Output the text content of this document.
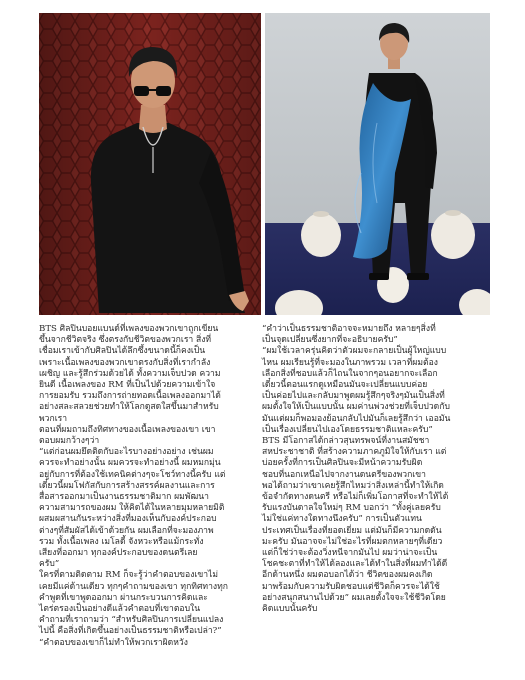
BTS ศิลปินบอยแบนด์ที่เพลงของพวกเขาถูกเขียน
ขึ้นจากชีวิตจริง ซึ่งตรงกับชีวิตของพวกเรา สิ่งที่
เชื่อมเราเข้ากับศิลปินได้ลึกซึ้งขนาดนี้ก็คงเป็น
เพราะเนื้อเพลงของพวกเขาตรงกับสิ่งที่เรากำลัง
เผชิญ และรู้สึกร่วมด้วยได้ ทั้งความเจ็บปวด ความ
ยินดี เนื้อเพลงของ RM ที่เป็นไปด้วยความเข้าใจ
การยอมรับ รวมถึงการถ่ายทอดเนื้อเพลงออกมาได้
อย่างสละสลวยช่วยทำให้โลกดูสดใสขึ้นมาสำหรับ
พวกเรา

ตอนที่ผมถามถึงทิศทางของเนื้อเพลงของเขา เขา
ตอบผมกว้างๆว่า

“แต่ก่อนผมยึดติดกับอะไรบางอย่างอย่าง เช่นผม
ควรจะทำอย่างนั้น ผมควรจะทำอย่างนี้ ผมหมกมุ่น
อยู่กับการที่ต้องใช้เทคนิคต่างๆจะโชว์ทางนี้ครับ แต่
เดี๋ยวนี้ผมโฟกัสกับการสร้างสรรค์ผลงานและการ
สื่อสารออกมาเป็นงานธรรมชาติมาก ผมพัฒนา
ความสามารถของผม ให้คิดได้ในหลายมุมหลายมิติ
ผสมผสานกันระหว่างสิ่งที่มองเห็นกับองค์ประกอบ
ต่างๆที่สัมผัสได้เข้าด้วยกัน ผมเลือกที่จะมองภาพ
รวม ทั้งเนื้อเพลง เมโลดี้ จังหวะหรือแม้กระทั่ง
เสียงที่ออกมา ทุกองค์ประกอบของดนตรีเลย
ครับ”

ใครที่ตามติดตาม RM ก็จะรู้ว่าคำตอบของเขาไม่
เคยมีแค่ด้านเดียว ทุกๆคำถามของเขา ทุกทิศทางทุก
คำพูดที่เขาพูดออกมา ผ่านกระบวนการคิดและ
ไตร่ตรองเป็นอย่างดีแล้วคำตอบที่เขาตอบใน
คำถามที่เราถามว่า “สำหรับศิลปินการเปลี่ยนแปลง
ไปนี้ คือสิ่งที่เกิดขึ้นอย่างเป็นธรรมชาติหรือเปล่า?”

“คำตอบของเขาก็ไม่ทำให้พวกเราผิดหวัง

“คำว่าเป็นธรรมชาติอาจจะหมายถึง หลายๆสิ่งที่
เป็นจุดเปลี่ยนซึ่งยากที่จะอธิบายครับ”

“ผมใช้เวลาครุ่นคิดว่าตัวผมจะกลายเป็นผู้ใหญ่แบบ
ไหน ผมเรียนรู้ที่จะมองในภาพรวม เวลาที่ผมต้อง
เลือกสิ่งที่ชอบแล้วก็ไถนในจากๆอนอยากจะเลือก
เดี๋ยวนี้ตอนแรกดูเหมือนมันจะเปลี่ยนแบบค่อย
เป็นค่อยไปและกลับมาพูดผมรู้สึกๆจริงๆมันเป็นสิ่งที่
ผมตั้งใจให้เป็นแบบนั้น ผมค่านพ่วงช่วยที่เจ็บปวดกับ
มันแต่ผมก็พอมองย้อนกลับไปมันก็เลยรู้สึกว่า เออมัน
เป็นเรื่องเปลี่ยนไปเองโดยธรรมชาติแหละครับ”

BTS มีโอกาสได้กล่าวสุนทรพจน์ที่งานสมัชชา
สหประชาชาติ ที่สร้างความภาคภูมิใจให้กับเรา แต่
บ่อยครั้งที่การเป็นศิลปินจะมีหน้าความรับผิด
ชอบที่นอกเหนือไปจากงานดนตรีของพวกเขา
พอได้ถามว่าเขาเคยรู้สึกไหมว่าสิ่งเหล่านี้ทำให้เกิด
ข้อจำกัดทางดนตรี หรือไม่ก็เพิ่มโอกาสที่จะทำให้ได้
รับแรงบันดาลใจใหม่ๆ RM บอกว่า “ทั้งคู่เลยครับ
ไม่ใช่แค่ทางใดทางนึงครับ” การเป็นตัวแทน
ประเทศเป็นเรื่องที่ยอดเยี่ยม แต่มันก็มีความกดดัน
มะครับ มันอาจจะไม่ใช่อะไรที่ผมตกหลายๆที่เดียว
แต่ก็ใช่ว่าจะต้องวิ่งหนีจากมันไป ผมว่าน่าจะเป็น
โชคชะตาที่ทำให้ได้ลองและได้ทำในสิ่งที่ผมทำได้ดี
อีกด้านหนึ่ง ผมตอบอกได้ว่า ชีวิตของผมคงเกิด
มาพร้อมกับความรับผิดชอบแต่ชีวิตก็ควรจะได้ใช้
อย่างสนุกสนานไปด้วย” ผมเลยตั้งใจจะใช้ชีวิตโดย
คิดแบบนั้นครับ
